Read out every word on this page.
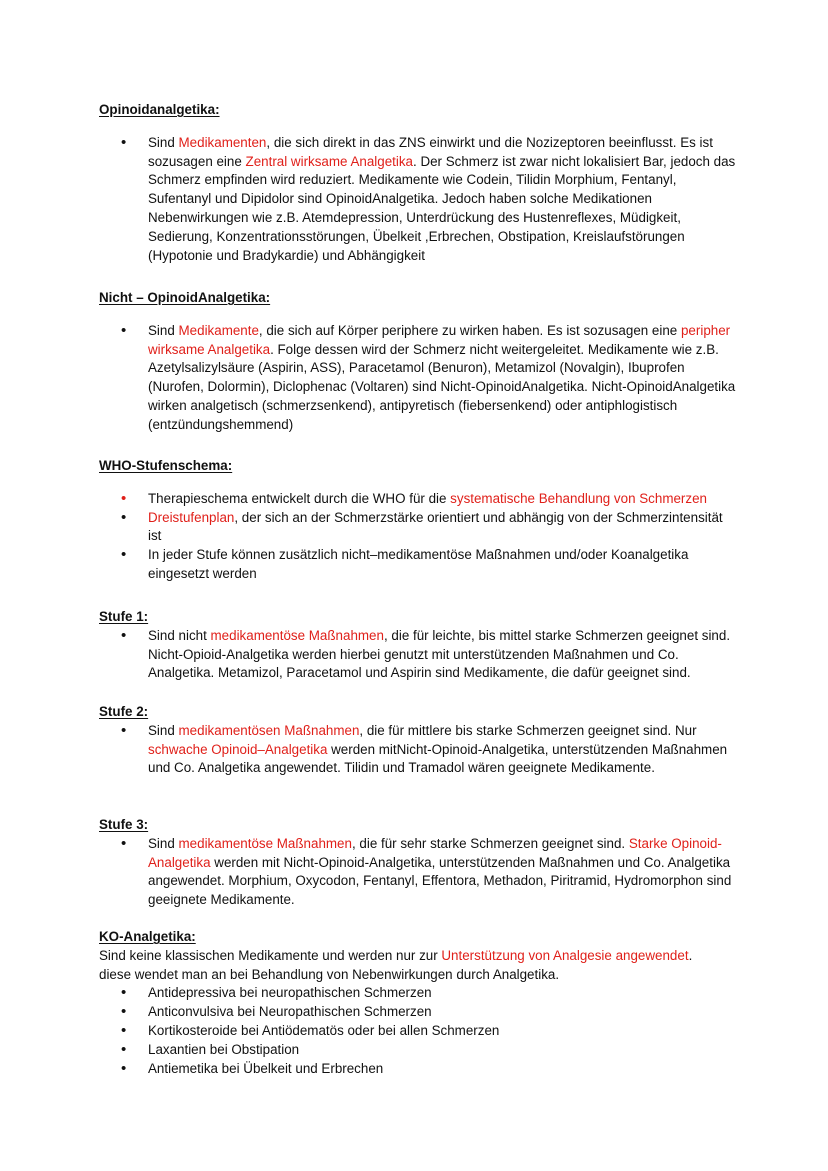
Opinoidanalgetika:
• Sind Medikamenten, die sich direkt in das ZNS einwirkt und die Nozizeptoren beeinflusst. Es ist sozusagen eine Zentral wirksame Analgetika. Der Schmerz ist zwar nicht lokalisiert Bar, jedoch das Schmerz empfinden wird reduziert. Medikamente wie Codein, Tilidin Morphium, Fentanyl, Sufentanyl und Dipidolor sind OpinoidAnalgetika. Jedoch haben solche Medikationen Nebenwirkungen wie z.B. Atemdepression, Unterdrückung des Hustenreflexes, Müdigkeit, Sedierung, Konzentrationsstörungen, Übelkeit ,Erbrechen, Obstipation, Kreislaufstörungen (Hypotonie und Bradykardie) und Abhängigkeit
Nicht – OpinoidAnalgetika:
• Sind Medikamente, die sich auf Körper periphere zu wirken haben. Es ist sozusagen eine peripher wirksame Analgetika. Folge dessen wird der Schmerz nicht weitergeleitet. Medikamente wie z.B. Azetylsalizylsäure (Aspirin, ASS), Paracetamol (Benuron), Metamizol (Novalgin), Ibuprofen (Nurofen, Dolormin), Diclophenac (Voltaren) sind Nicht-OpinoidAnalgetika. Nicht-OpinoidAnalgetika wirken analgetisch (schmerzsenkend), antipyretisch (fiebersenkend) oder antiphlogistisch (entzündungshemmend)
WHO-Stufenschema:
• Therapieschema entwickelt durch die WHO für die systematische Behandlung von Schmerzen
• Dreistufenplan, der sich an der Schmerzstärke orientiert und abhängig von der Schmerzintensität ist
• In jeder Stufe können zusätzlich nicht–medikamentöse Maßnahmen und/oder Koanalgetika eingesetzt werden
Stufe 1:
• Sind nicht medikamentöse Maßnahmen, die für leichte, bis mittel starke Schmerzen geeignet sind. Nicht-Opioid-Analgetika werden hierbei genutzt mit unterstützenden Maßnahmen und Co. Analgetika. Metamizol, Paracetamol und Aspirin sind Medikamente, die dafür geeignet sind.
Stufe 2:
• Sind medikamentösen Maßnahmen, die für mittlere bis starke Schmerzen geeignet sind. Nur schwache Opinoid–Analgetika werden mitNicht-Opinoid-Analgetika, unterstützenden Maßnahmen und Co. Analgetika angewendet. Tilidin und Tramadol wären geeignete Medikamente.
Stufe 3:
• Sind medikamentöse Maßnahmen, die für sehr starke Schmerzen geeignet sind. Starke Opinoid-Analgetika werden mit Nicht-Opinoid-Analgetika, unterstützenden Maßnahmen und Co. Analgetika angewendet. Morphium, Oxycodon, Fentanyl, Effentora, Methadon, Piritramid, Hydromorphon sind geeignete Medikamente.
KO-Analgetika:
Sind keine klassischen Medikamente und werden nur zur Unterstützung von Analgesie angewendet.
diese wendet man an bei Behandlung von Nebenwirkungen durch Analgetika.
• Antidepressiva bei neuropathischen Schmerzen
• Anticonvulsiva bei Neuropathischen Schmerzen
• Kortikosteroide bei Antiödematös oder bei allen Schmerzen
• Laxantien bei Obstipation
• Antiemetika bei Übelkeit und Erbrechen
